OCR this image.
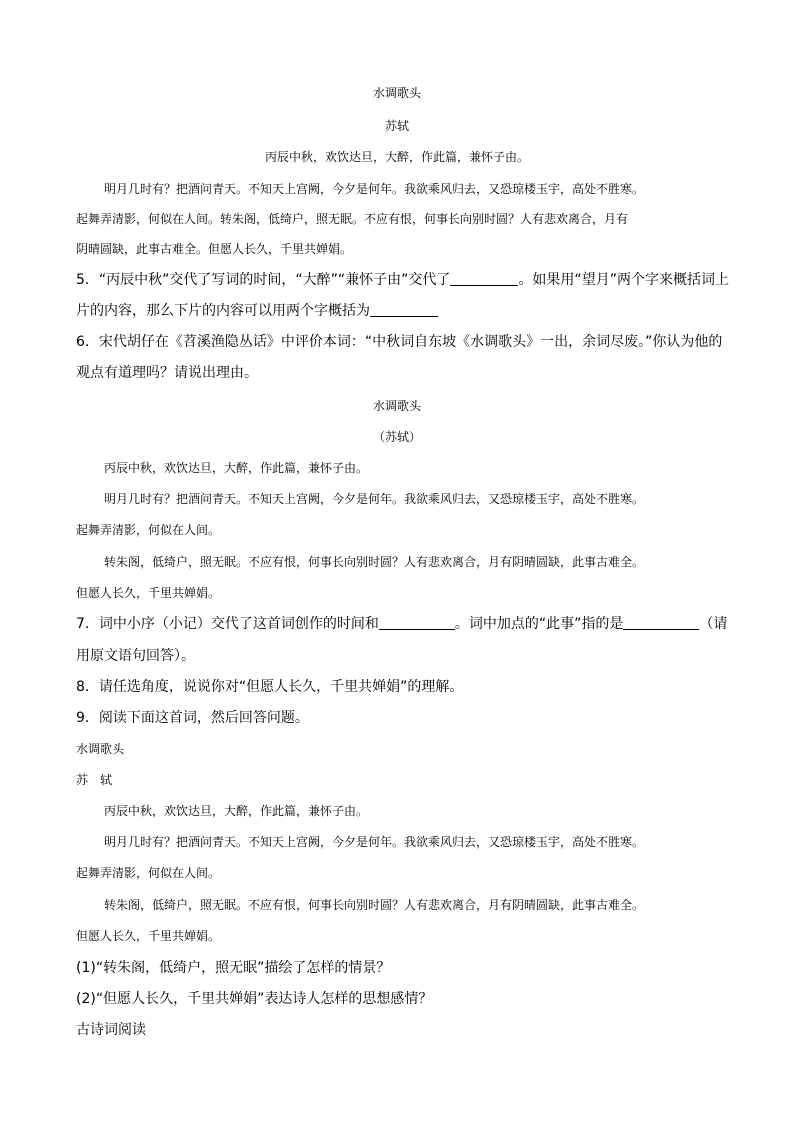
水调歌头
苏轼
丙辰中秋，欢饮达旦，大醉，作此篇，兼怀子由。
明月几时有？把酒问青天。不知天上宫阙，今夕是何年。我欲乘风归去，又恐琼楼玉宇，高处不胜寒。
起舞弄清影，何似在人间。转朱阁，低绮户，照无眠。不应有恨，何事长向别时圆？人有悲欢离合，月有
阴晴圆缺，此事古难全。但愿人长久，千里共婵娟。
5．“丙辰中秋”交代了写词的时间，“大醉”“兼怀子由”交代了	。如果用“望月”两个字来概括词上
片的内容，那么下片的内容可以用两个字概括为
6．宋代胡仔在《苕溪渔隐丛话》中评价本词：“中秋词自东坡《水调歌头》一出，余词尽废。”你认为他的
观点有道理吗？请说出理由。
水调歌头
（苏轼）
丙辰中秋，欢饮达旦，大醉，作此篇，兼怀子由。
明月几时有？把酒问青天。不知天上宫阙，今夕是何年。我欲乘风归去，又恐琼楼玉宇，高处不胜寒。
起舞弄清影，何似在人间。
转朱阁，低绮户，照无眠。不应有恨，何事长向别时圆？人有悲欢离合，月有阴晴圆缺，此事古难全。
但愿人长久，千里共婵娟。
7．词中小序（小记）交代了这首词创作的时间和	。词中加点的“此事”指的是	（请
用原文语句回答）。
8．请任选角度，说说你对“但愿人长久，千里共婵娟”的理解。
9．阅读下面这首词，然后回答问题。
水调歌头
苏　轼
丙辰中秋，欢饮达旦，大醉，作此篇，兼怀子由。
明月几时有？把酒问青天。不知天上宫阙，今夕是何年。我欲乘风归去，又恐琼楼玉宇，高处不胜寒。
起舞弄清影，何似在人间。
转朱阁，低绮户，照无眠。不应有恨，何事长向别时圆？人有悲欢离合，月有阴晴圆缺，此事古难全。
但愿人长久，千里共婵娟。
(1)“转朱阁，低绮户，照无眠”描绘了怎样的情景？
(2)“但愿人长久，千里共婵娟”表达诗人怎样的思想感情？
古诗词阅读
